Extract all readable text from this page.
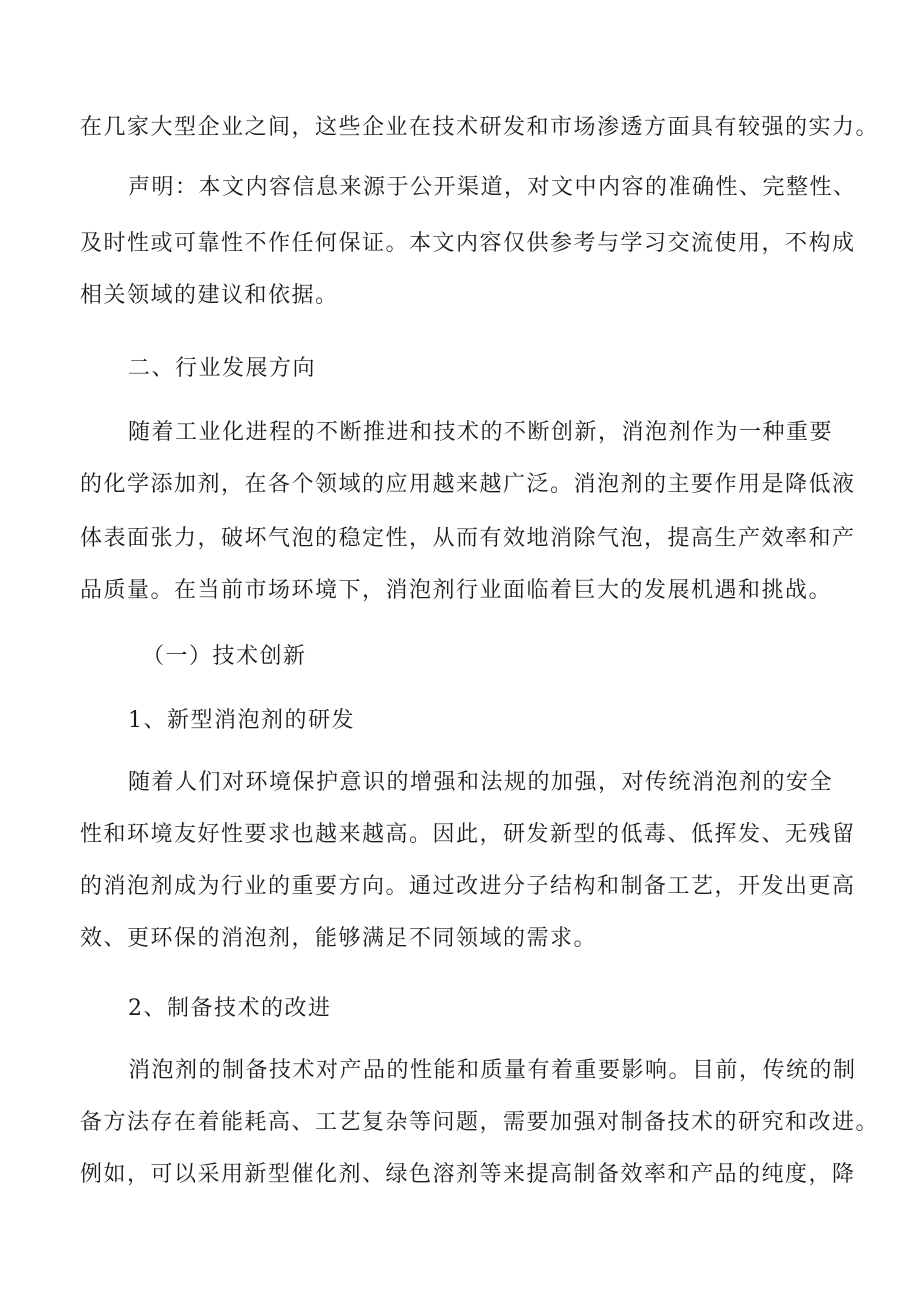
在几家大型企业之间，这些企业在技术研发和市场渗透方面具有较强的实力。
声明：本文内容信息来源于公开渠道，对文中内容的准确性、完整性、
及时性或可靠性不作任何保证。本文内容仅供参考与学习交流使用，不构成
相关领域的建议和依据。
二、行业发展方向
随着工业化进程的不断推进和技术的不断创新，消泡剂作为一种重要
的化学添加剂，在各个领域的应用越来越广泛。消泡剂的主要作用是降低液
体表面张力，破坏气泡的稳定性，从而有效地消除气泡，提高生产效率和产
品质量。在当前市场环境下，消泡剂行业面临着巨大的发展机遇和挑战。
（一）技术创新
1、新型消泡剂的研发
随着人们对环境保护意识的增强和法规的加强，对传统消泡剂的安全
性和环境友好性要求也越来越高。因此，研发新型的低毒、低挥发、无残留
的消泡剂成为行业的重要方向。通过改进分子结构和制备工艺，开发出更高
效、更环保的消泡剂，能够满足不同领域的需求。
2、制备技术的改进
消泡剂的制备技术对产品的性能和质量有着重要影响。目前，传统的制
备方法存在着能耗高、工艺复杂等问题，需要加强对制备技术的研究和改进。
例如，可以采用新型催化剂、绿色溶剂等来提高制备效率和产品的纯度，降
